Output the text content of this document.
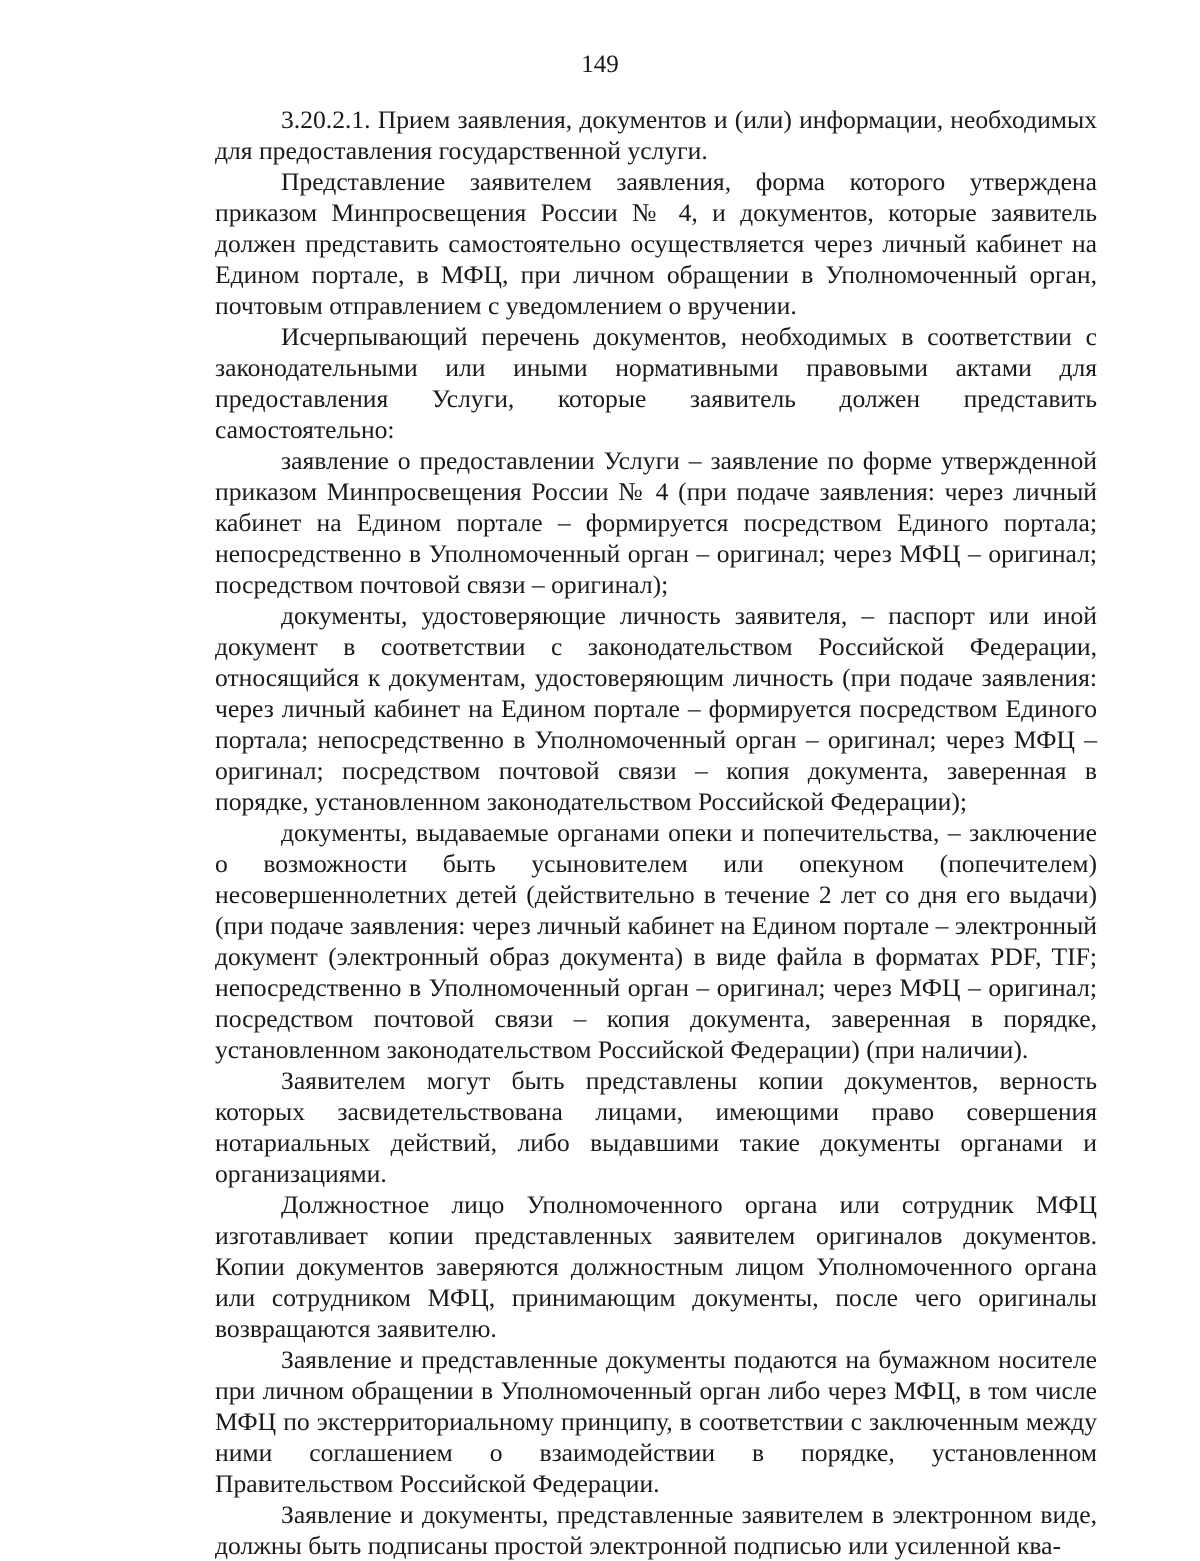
149

3.20.2.1. Прием заявления, документов и (или) информации, необходимых для предоставления государственной услуги.

Представление заявителем заявления, форма которого утверждена приказом Минпросвещения России № 4, и документов, которые заявитель должен представить самостоятельно осуществляется через личный кабинет на Едином портале, в МФЦ, при личном обращении в Уполномоченный орган, почтовым отправлением с уведомлением о вручении.

Исчерпывающий перечень документов, необходимых в соответствии с законодательными или иными нормативными правовыми актами для предоставления Услуги, которые заявитель должен представить самостоятельно:

заявление о предоставлении Услуги – заявление по форме утвержденной приказом Минпросвещения России № 4 (при подаче заявления: через личный кабинет на Едином портале – формируется посредством Единого портала; непосредственно в Уполномоченный орган – оригинал; через МФЦ – оригинал; посредством почтовой связи – оригинал);

документы, удостоверяющие личность заявителя, – паспорт или иной документ в соответствии с законодательством Российской Федерации, относящийся к документам, удостоверяющим личность (при подаче заявления: через личный кабинет на Едином портале – формируется посредством Единого портала; непосредственно в Уполномоченный орган – оригинал; через МФЦ – оригинал; посредством почтовой связи – копия документа, заверенная в порядке, установленном законодательством Российской Федерации);

документы, выдаваемые органами опеки и попечительства, – заключение о возможности быть усыновителем или опекуном (попечителем) несовершеннолетних детей (действительно в течение 2 лет со дня его выдачи) (при подаче заявления: через личный кабинет на Едином портале – электронный документ (электронный образ документа) в виде файла в форматах PDF, TIF; непосредственно в Уполномоченный орган – оригинал; через МФЦ – оригинал; посредством почтовой связи – копия документа, заверенная в порядке, установленном законодательством Российской Федерации) (при наличии).

Заявителем могут быть представлены копии документов, верность которых засвидетельствована лицами, имеющими право совершения нотариальных действий, либо выдавшими такие документы органами и организациями.

Должностное лицо Уполномоченного органа или сотрудник МФЦ изготавливает копии представленных заявителем оригиналов документов. Копии документов заверяются должностным лицом Уполномоченного органа или сотрудником МФЦ, принимающим документы, после чего оригиналы возвращаются заявителю.

Заявление и представленные документы подаются на бумажном носителе при личном обращении в Уполномоченный орган либо через МФЦ, в том числе МФЦ по экстерриториальному принципу, в соответствии с заключенным между ними соглашением о взаимодействии в порядке, установленном Правительством Российской Федерации.

Заявление и документы, представленные заявителем в электронном виде, должны быть подписаны простой электронной подписью или усиленной ква-
